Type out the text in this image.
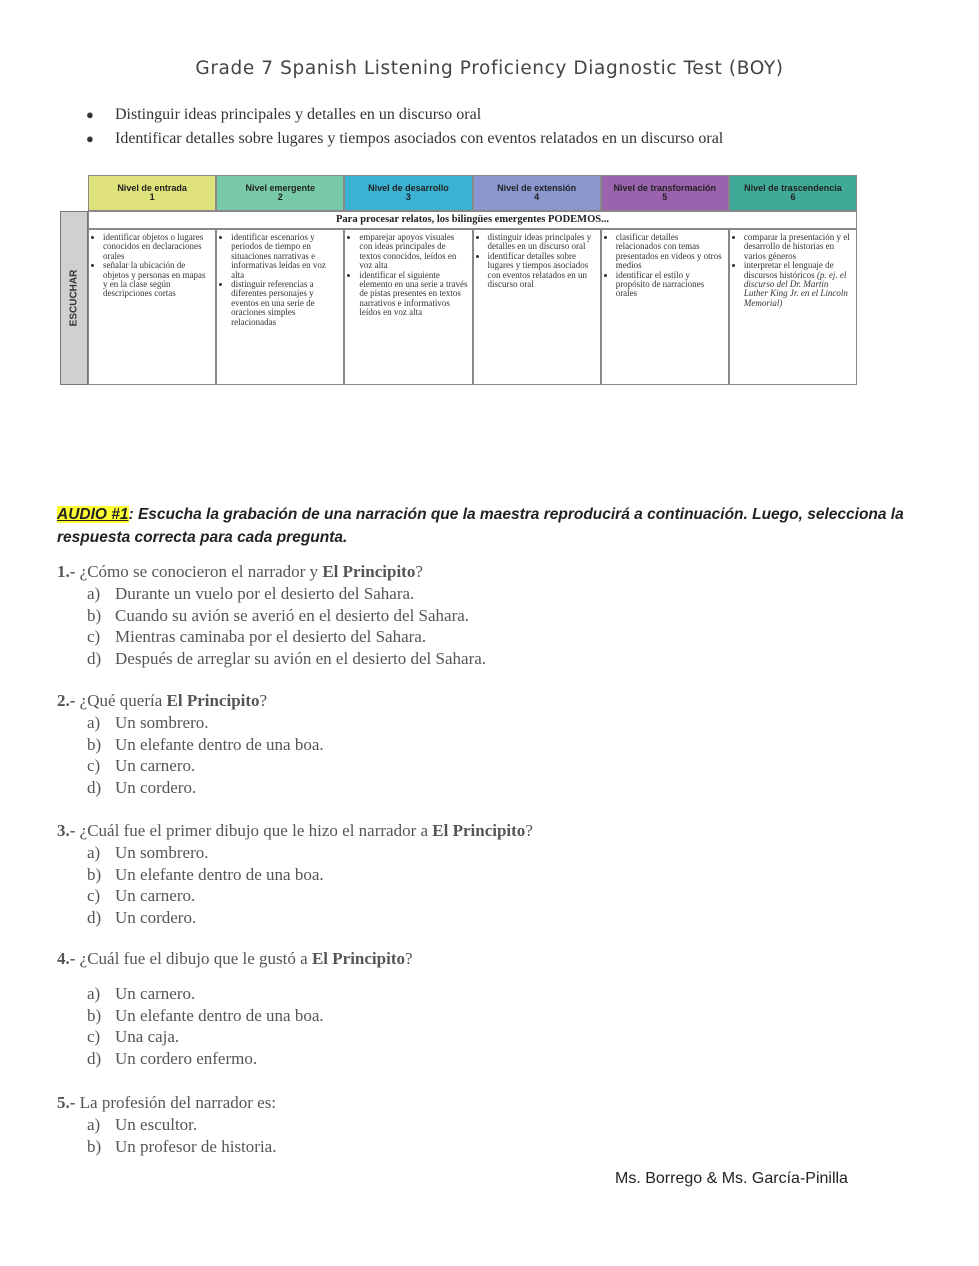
Grade 7 Spanish Listening Proficiency Diagnostic Test (BOY)
● Distinguir ideas principales y detalles en un discurso oral
● Identificar detalles sobre lugares y tiempos asociados con eventos relatados en un discurso oral
ESCUCHAR
Nivel de entrada
1
Nivel emergente
2
Nivel de desarrollo
3
Nivel de extensión
4
Nivel de transformación
5
Nivel de trascendencia
6
Para procesar relatos, los bilingües emergentes PODEMOS...
• identificar objetos o lugares conocidos en declaraciones orales
• señalar la ubicación de objetos y personas en mapas y en la clase según descripciones cortas
• identificar escenarios y períodos de tiempo en situaciones narrativas e informativas leídas en voz alta
• distinguir referencias a diferentes personajes y eventos en una serie de oraciones simples relacionadas
• emparejar apoyos visuales con ideas principales de textos conocidos, leídos en voz alta
• identificar el siguiente elemento en una serie a través de pistas presentes en textos narrativos e informativos leídos en voz alta
• distinguir ideas principales y detalles en un discurso oral
• identificar detalles sobre lugares y tiempos asociados con eventos relatados en un discurso oral
• clasificar detalles relacionados con temas presentados en videos y otros medios
• identificar el estilo y propósito de narraciones orales
• comparar la presentación y el desarrollo de historias en varios géneros
• interpretar el lenguaje de discursos históricos (p. ej. el discurso del Dr. Martin Luther King Jr. en el Lincoln Memorial)
AUDIO #1: Escucha la grabación de una narración que la maestra reproducirá a continuación. Luego, selecciona la respuesta correcta para cada pregunta.
1.- ¿Cómo se conocieron el narrador y El Principito?
a) Durante un vuelo por el desierto del Sahara.
b) Cuando su avión se averió en el desierto del Sahara.
c) Mientras caminaba por el desierto del Sahara.
d) Después de arreglar su avión en el desierto del Sahara.
2.- ¿Qué quería El Principito?
a) Un sombrero.
b) Un elefante dentro de una boa.
c) Un carnero.
d) Un cordero.
3.- ¿Cuál fue el primer dibujo que le hizo el narrador a El Principito?
a) Un sombrero.
b) Un elefante dentro de una boa.
c) Un carnero.
d) Un cordero.
4.- ¿Cuál fue el dibujo que le gustó a El Principito?
a) Un carnero.
b) Un elefante dentro de una boa.
c) Una caja.
d) Un cordero enfermo.
5.- La profesión del narrador es:
a) Un escultor.
b) Un profesor de historia.
Ms. Borrego & Ms. García-Pinilla
